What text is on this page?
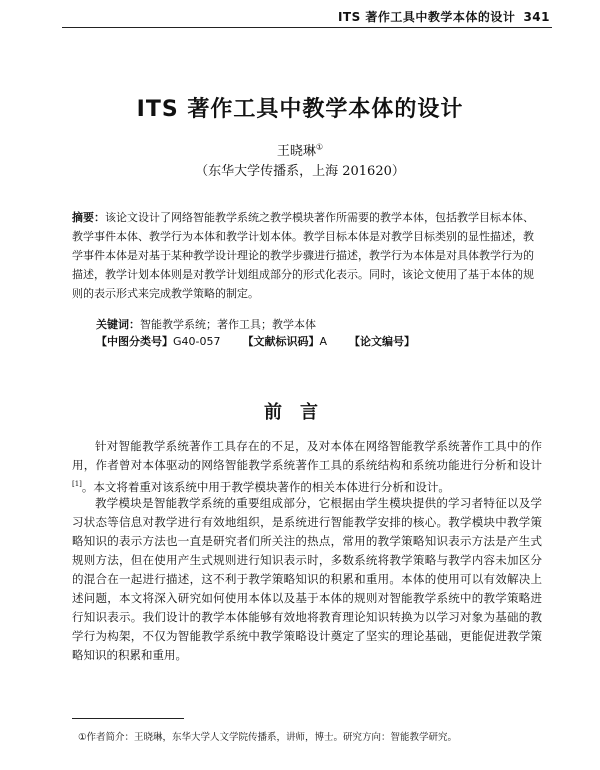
ITS 著作工具中教学本体的设计 341
ITS 著作工具中教学本体的设计
王晓琳①
（东华大学传播系，上海 201620）
摘要：该论文设计了网络智能教学系统之教学模块著作所需要的教学本体，包括教学目标本体、教学事件本体、教学行为本体和教学计划本体。教学目标本体是对教学目标类别的显性描述，教学事件本体是对基于某种教学设计理论的教学步骤进行描述，教学行为本体是对具体教学行为的描述，教学计划本体则是对教学计划组成部分的形式化表示。同时，该论文使用了基于本体的规则的表示形式来完成教学策略的制定。
关键词：智能教学系统；著作工具；教学本体
【中图分类号】G40-057 【文献标识码】A 【论文编号】
前言
针对智能教学系统著作工具存在的不足，及对本体在网络智能教学系统著作工具中的作用，作者曾对本体驱动的网络智能教学系统著作工具的系统结构和系统功能进行分析和设计[1]。本文将着重对该系统中用于教学模块著作的相关本体进行分析和设计。
教学模块是智能教学系统的重要组成部分，它根据由学生模块提供的学习者特征以及学习状态等信息对教学进行有效地组织，是系统进行智能教学安排的核心。教学模块中教学策略知识的表示方法也一直是研究者们所关注的热点，常用的教学策略知识表示方法是产生式规则方法，但在使用产生式规则进行知识表示时，多数系统将教学策略与教学内容未加区分的混合在一起进行描述，这不利于教学策略知识的积累和重用。本体的使用可以有效解决上述问题，本文将深入研究如何使用本体以及基于本体的规则对智能教学系统中的教学策略进行知识表示。我们设计的教学本体能够有效地将教育理论知识转换为以学习对象为基础的教学行为构架，不仅为智能教学系统中教学策略设计奠定了坚实的理论基础，更能促进教学策略知识的积累和重用。
①作者简介：王晓琳，东华大学人文学院传播系，讲师，博士。研究方向：智能教学研究。
